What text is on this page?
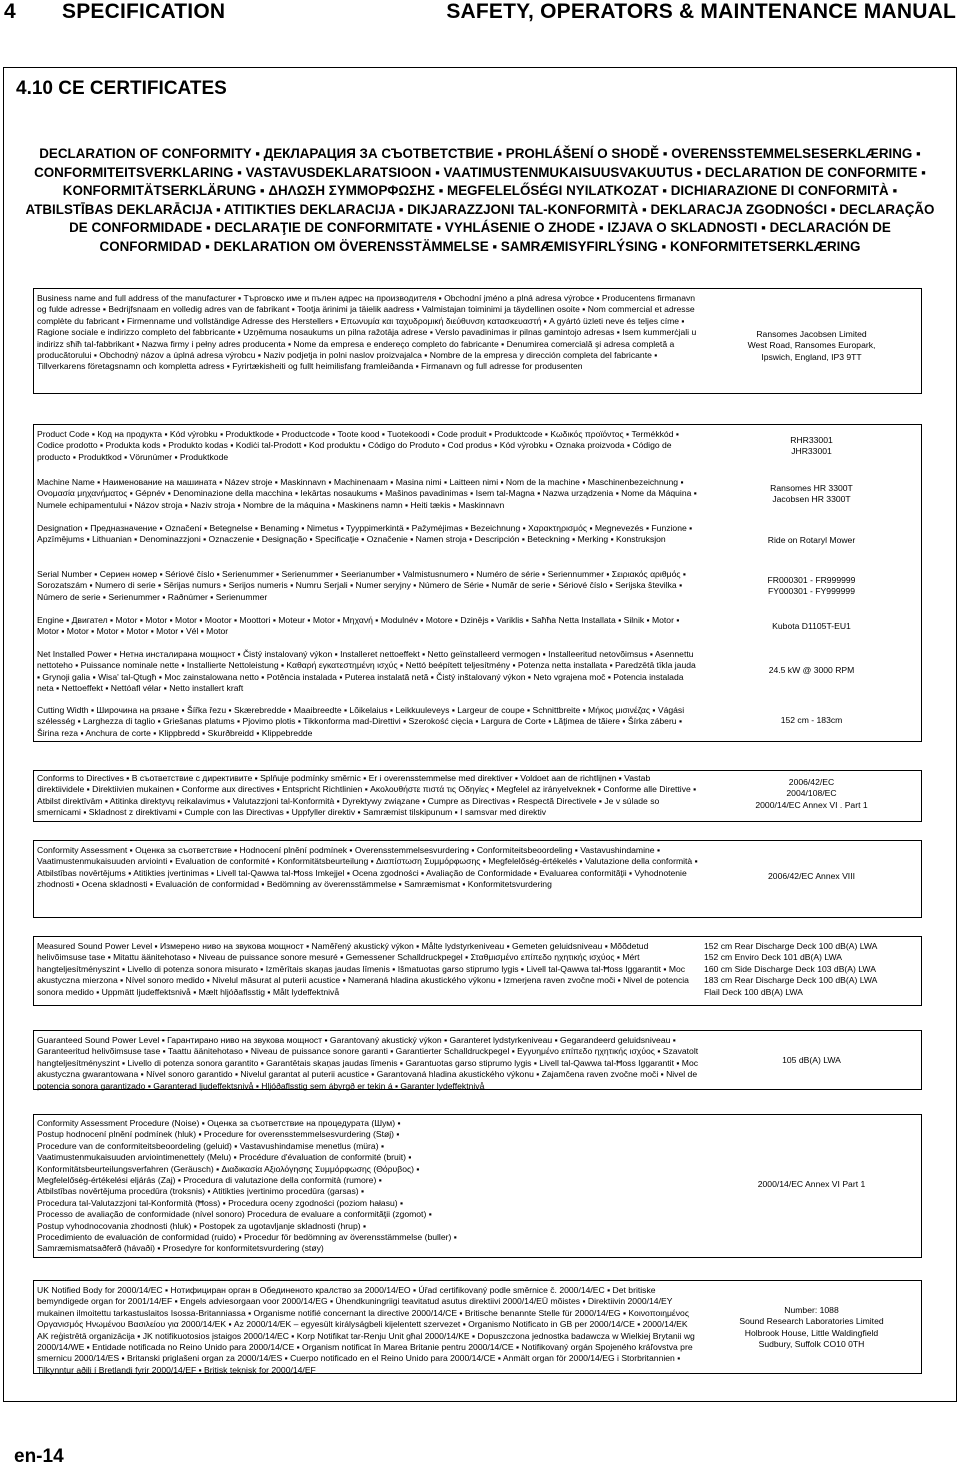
4 SPECIFICATION	SAFETY, OPERATORS & MAINTENANCE MANUAL
4.10 CE CERTIFICATES
DECLARATION OF CONFORMITY ▪ ДЕКЛАРАЦИЯ ЗА СЪОТВЕТСТВИЕ ▪ PROHLÁŠENÍ O SHODĚ ▪ OVERENSSTEMMELSESERKLÆRING ▪ CONFORMITEITSVERKLARING ▪ VASTAVUSDEKLARATSIOON ▪ VAATIMUSTENMUKAISUUSVAKUUTUS ▪ DECLARATION DE CONFORMITE ▪ KONFORMITÄTSERKLÄRUNG ▪ ΔΗΛΩΣΗ ΣΥΜΜΟΡΦΩΣΗΣ ▪ MEGFELELŐSÉGI NYILATKOZAT ▪ DICHIARAZIONE DI CONFORMITÀ ▪ ATBILSTĪBAS DEKLARĀCIJA ▪ ATITIKTIES DEKLARACIJA ▪ DIKJARAZZJONI TAL-KONFORMITÀ ▪ DEKLARACJA ZGODNOŚCI ▪ DECLARAÇÃO DE CONFORMIDADE ▪ DECLARAŢIE DE CONFORMITATE ▪ VYHLÁSENIE O ZHODE ▪ IZJAVA O SKLADNOSTI ▪ DECLARACIÓN DE CONFORMIDAD ▪ DEKLARATION OM ÖVERENSSTÄMMELSE ▪ SAMRÆMISYFIRLÝSING ▪ KONFORMITETSERKLÆRING
Business name and full address of the manufacturer ▪ Търговско име и пълен адрес на производителя ▪ Obchodní jméno a plná adresa výrobce ▪ Producentens firmanavn og fulde adresse ▪ Bedrijfsnaam en volledig adres van de fabrikant ▪ Tootja ärinimi ja täielik aadress ▪ Valmistajan toiminimi ja täydellinen osoite ▪ Nom commercial et adresse complète du fabricant ▪ Firmenname und vollständige Adresse des Herstellers ▪ Επωνυμία και ταχυδρομική διεύθυνση κατασκευαστή ▪ A gyártó üzleti neve és teljes címe ▪ Ragione sociale e indirizzo completo del fabbricante ▪ Uzņēmuma nosaukums un pilna ražotāja adrese ▪ Verslo pavadinimas ir pilnas gamintojo adresas ▪ Isem kummerċjali u indirizz sħiħ tal-fabbrikant ▪ Nazwa firmy i pełny adres producenta ▪ Nome da empresa e endereço completo do fabricante ▪ Denumirea comercială şi adresa completă a producătorului ▪ Obchodný názov a úplná adresa výrobcu ▪ Naziv podjetja in polni naslov proizvajalca ▪ Nombre de la empresa y dirección completa del fabricante ▪ Tillverkarens företagsnamn och kompletta adress ▪ Fyrirtækisheiti og fullt heimilisfang framleiðanda ▪ Firmanavn og full adresse for produsenten
Ransomes Jacobsen Limited
West Road, Ransomes Europark,
Ipswich, England, IP3 9TT
Product Code ▪ Код на продукта ▪ Kód výrobku ▪ Produktkode ▪ Productcode ▪ Toote kood ▪ Tuotekoodi ▪ Code produit ▪ Produktcode ▪ Κωδικός προϊόντος ▪ Termékkód ▪ Codice prodotto ▪ Produkta kods ▪ Produkto kodas ▪ Kodiċi tal-Prodott ▪ Kod produktu ▪ Código do Produto ▪ Cod produs ▪ Kód výrobku ▪ Oznaka proizvoda ▪ Código de producto ▪ Produktkod ▪ Vörunúmer ▪ Produktkode
RHR33001
JHR33001
Machine Name ▪ Наименование на машината ▪ Název stroje ▪ Maskinnavn ▪ Machinenaam ▪ Masina nimi ▪ Laitteen nimi ▪ Nom de la machine ▪ Maschinenbezeichnung ▪ Ονομασία μηχανήματος ▪ Gépnév ▪ Denominazione della macchina ▪ Iekārtas nosaukums ▪ Mašinos pavadinimas ▪ Isem tal-Magna ▪ Nazwa urządzenia ▪ Nome da Máquina ▪ Numele echipamentului ▪ Názov stroja ▪ Naziv stroja ▪ Nombre de la máquina ▪ Maskinens namn ▪ Heiti tækis ▪ Maskinnavn
Ransomes HR 3300T
Jacobsen HR 3300T
Designation ▪ Предназначение ▪ Označení ▪ Betegnelse ▪ Benaming ▪ Nimetus ▪ Tyyppimerkintä ▪ Pažymėjimas ▪ Bezeichnung ▪ Χαρακτηρισμός ▪ Megnevezés ▪ Funzione ▪ Apzīmējums ▪ Lithuanian ▪ Denominazzjoni ▪ Oznaczenie ▪ Designação ▪ Specificaţie ▪ Označenie ▪ Namen stroja ▪ Descripción ▪ Beteckning ▪ Merking ▪ Konstruksjon	Ride on Rotaryl Mower
Serial Number ▪ Сериен номер ▪ Sériové číslo ▪ Serienummer ▪ Serienummer ▪ Seerianumber ▪ Valmistusnumero ▪ Numéro de série ▪ Seriennummer ▪ Σειριακός αριθμός ▪ Sorozatszám ▪ Numero di serie ▪ Sērijas numurs ▪ Serijos numeris ▪ Numru Serjali ▪ Numer seryjny ▪ Número de Série ▪ Număr de serie ▪ Sériové číslo ▪ Serijska številka ▪ Número de serie ▪ Serienummer ▪ Raðnúmer ▪ Serienummer
FR000301 - FR999999
FY000301 - FY999999
Engine ▪ Двигател ▪ Motor ▪ Motor ▪ Motor ▪ Mootor ▪ Moottori ▪ Moteur ▪ Motor ▪ Μηχανή ▪ Modulnév ▪ Motore ▪ Dzinējs ▪ Variklis ▪ Saħħa Netta Installata ▪ Silnik ▪ Motor ▪ Motor ▪ Motor ▪ Motor ▪ Motor ▪ Motor ▪ Vél ▪ Motor
Kubota D1105T-EU1
Net Installed Power ▪ Нетна инсталирана мощност ▪ Čistý instalovaný výkon ▪ Installeret nettoeffekt ▪ Netto geïnstalleerd vermogen ▪ Installeeritud netovõimsus ▪ Asennettu nettoteho ▪ Puissance nominale nette ▪ Installierte Nettoleistung ▪ Καθαρή εγκατεστημένη ισχύς ▪ Nettó beépített teljesítmény ▪ Potenza netta installata ▪ Paredzētā tīkla jauda ▪ Grynoji galia ▪ Wisa' tal-Qtugħ ▪ Moc zainstalowana netto ▪ Potência instalada ▪ Puterea instalată netă ▪ Čistý inštalovaný výkon ▪ Neto vgrajena moč ▪ Potencia instalada neta ▪ Nettoeffekt ▪ Nettóafl vélar ▪ Netto installert kraft
24.5 kW @ 3000 RPM
Cutting Width ▪ Широчина на рязане ▪ Šířka řezu ▪ Skærebredde ▪ Maaibreedte ▪ Lõikelaius ▪ Leikkuuleveys ▪ Largeur de coupe ▪ Schnittbreite ▪ Μήκος μισινέζας ▪ Vágási szélesség ▪ Larghezza di taglio ▪ Griešanas platums ▪ Pjovimo plotis ▪ Tikkonforma mad-Direttivi ▪ Szerokość cięcia ▪ Largura de Corte ▪ Lăţimea de tăiere ▪ Šírka záberu ▪ Širina reza ▪ Anchura de corte ▪ Klippbredd ▪ Skurðbreidd ▪ Klippebredde
152 cm - 183cm
Conforms to Directives ▪ В съответствие с директивите ▪ Splňuje podmínky směrnic ▪ Er i overensstemmelse med direktiver ▪ Voldoet aan de richtlijnen ▪ Vastab direktiividele ▪ Direktiivien mukainen ▪ Conforme aux directives ▪ Entspricht Richtlinien ▪ Ακολουθήστε πιστά τις Οδηγίες ▪ Megfelel az irányelveknek ▪ Conforme alle Direttive ▪ Atbilst direktīvām ▪ Atitinka direktyvų reikalavimus ▪ Valutazzjoni tal-Konformità ▪ Dyrektywy związane ▪ Cumpre as Directivas ▪ Respectă Directivele ▪ Je v súlade so smernicami ▪ Skladnost z direktivami ▪ Cumple con las Directivas ▪ Uppfyller direktiv ▪ Samræmist tilskipunum ▪ I samsvar med direktiv
2006/42/EC
2004/108/EC
2000/14/EC Annex VI . Part 1
Conformity Assessment ▪ Оценка за съответствие ▪ Hodnocení plnění podmínek ▪ Overensstemmelsesvurdering ▪ Conformiteitsbeoordeling ▪ Vastavushindamine ▪ Vaatimustenmukaisuuden arviointi ▪ Evaluation de conformité ▪ Konformitätsbeurteilung ▪ Διαπίστωση Συμμόρφωσης ▪ Megfelelőség-értékelés ▪ Valutazione della conformità ▪ Atbilstības novērtējums ▪ Atitikties įvertinimas ▪ Livell tal-Qawwa tal-Ħoss Imkejjel ▪ Ocena zgodności ▪ Avaliação de Conformidade ▪ Evaluarea conformităţii ▪ Vyhodnotenie zhodnosti ▪ Ocena skladnosti ▪ Evaluación de conformidad ▪ Bedömning av överensstämmelse ▪ Samræmismat ▪ Konformitetsvurdering
2006/42/EC Annex VIII
Measured Sound Power Level ▪ Измерено ниво на звукова мощност ▪ Naměřený akustický výkon ▪ Målte lydstyrkeniveau ▪ Gemeten geluidsniveau ▪ Mõõdetud helivõimsuse tase ▪ Mitattu äänitehotaso ▪ Niveau de puissance sonore mesuré ▪ Gemessener Schalldruckpegel ▪ Σταθμισμένο επίπεδο ηχητικής ισχύος ▪ Mért hangteljesítményszint ▪ Livello di potenza sonora misurato ▪ Izmērītais skaņas jaudas līmenis ▪ Išmatuotas garso stiprumo lygis ▪ Livell tal-Qawwa tal-Ħoss Iggarantit ▪ Moc akustyczna mierzona ▪ Nível sonoro medido ▪ Nivelul măsurat al puterii acustice ▪ Nameraná hladina akustického výkonu ▪ Izmerjena raven zvočne moči ▪ Nivel de potencia sonora medido ▪ Uppmätt ljudeffektsnivå ▪ Mælt hljóðaflsstig ▪ Målt lydeffektnivå
152 cm Rear Discharge Deck 100 dB(A) LWA
152 cm Enviro Deck 101 dB(A) LWA
160 cm Side Discharge Deck 103 dB(A) LWA
183 cm Rear Discharge Deck 100 dB(A) LWA
Flail Deck 100 dB(A) LWA
Guaranteed Sound Power Level ▪ Гарантирано ниво на звукова мощност ▪ Garantovaný akustický výkon ▪ Garanteret lydstyrkeniveau ▪ Gegarandeerd geluidsniveau ▪ Garanteeritud helivõimsuse tase ▪ Taattu äänitehotaso ▪ Niveau de puissance sonore garanti ▪ Garantierter Schalldruckpegel ▪ Εγγυημένο επίπεδο ηχητικής ισχύος ▪ Szavatolt hangteljesítményszint ▪ Livello di potenza sonora garantito ▪ Garantētais skaņas jaudas līmenis ▪ Garantuotas garso stiprumo lygis ▪ Livell tal-Qawwa tal-Ħoss Iggarantit ▪ Moc akustyczna gwarantowana ▪ Nível sonoro garantido ▪ Nivelul garantat al puterii acustice ▪ Garantovaná hladina akustického výkonu ▪ Zajamčena raven zvočne moči ▪ Nivel de potencia sonora garantizado ▪ Garanterad ljudeffektsnivå ▪ Hljóðaflsstig sem ábyrgð er tekin á ▪ Garanter lydeffektnivå
105 dB(A) LWA
Conformity Assessment Procedure (Noise) ▪ Оценка за съответствие на процедурата (Шум) ▪
Postup hodnocení plnění podmínek (hluk) ▪ Procedure for overensstemmelsesvurdering (Støj) ▪
Procedure van de conformiteitsbeoordeling (geluid) ▪ Vastavushindamise menetlus (müra) ▪
Vaatimustenmukaisuuden arviointimenettely (Melu) ▪ Procédure d'évaluation de conformité (bruit) ▪
Konformitätsbeurteilungsverfahren (Geräusch) ▪ Διαδικασία Αξιολόγησης Συμμόρφωσης (Θόρυβος) ▪
Megfelelőség-értékelési eljárás (Zaj) ▪ Procedura di valutazione della conformità (rumore) ▪
Atbilstības novērtējuma procedūra (troksnis) ▪ Atitikties įvertinimo procedūra (garsas) ▪
Procedura tal-Valutazzjoni tal-Konformità (Ħoss) ▪ Procedura oceny zgodności (poziom hałasu) ▪
Processo de avaliação de conformidade (nível sonoro) Procedura de evaluare a conformităţii (zgomot) ▪
Postup vyhodnocovania zhodnosti (hluk) ▪ Postopek za ugotavljanje skladnosti (hrup) ▪
Procedimiento de evaluación de conformidad (ruido) ▪ Procedur för bedömning av överensstämmelse (buller) ▪
Samræmismatsaðferð (hávaði) ▪ Prosedyre for konformitetsvurdering (støy)
2000/14/EC Annex VI Part 1
UK Notified Body for 2000/14/EC ▪ Нотифициран орган в Обединеното кралство за 2000/14/ЕО ▪ Úřad certifikovaný podle směrnice č. 2000/14/EC ▪ Det britiske bemyndigede organ for 2001/14/EF ▪ Engels adviesorgaan voor 2000/14/EG ▪ Ühendkuningriigi teavitatud asutus direktiivi 2000/14/EÜ mõistes ▪ Direktiivin 2000/14/EY mukainen ilmoitettu tarkastuslaitos Isossa-Britanniassa ▪ Organisme notifié concernant la directive 2000/14/CE ▪ Britische benannte Stelle für 2000/14/EG ▪ Κοινοποιημένος Οργανισμός Ηνωμένου Βασιλείου για 2000/14/ΕΚ ▪ Az 2000/14/EK – egyesült királyságbeli kijelentett szervezet ▪ Organismo Notificato in GB per 2000/14/CE ▪ 2000/14/EK AK reģistrētā organizācija ▪ JK notifikuotosios įstaigos 2000/14/EC ▪ Korp Notifikat tar-Renju Unit għal 2000/14/KE ▪ Dopuszczona jednostka badawcza w Wielkiej Brytanii wg 2000/14/WE ▪ Entidade notificada no Reino Unido para 2000/14/CE ▪ Organism notificat în Marea Britanie pentru 2000/14/CE ▪ Notifikovaný orgán Spojeného kráľovstva pre smernicu 2000/14/ES ▪ Britanski priglašeni organ za 2000/14/ES ▪ Cuerpo notificado en el Reino Unido para 2000/14/CE ▪ Anmält organ för 2000/14/EG i Storbritannien ▪ Tilkynntur aðili í Bretlandi fyrir 2000/14/EF ▪ Britisk teknisk for 2000/14/EF
Number: 1088
Sound Research Laboratories Limited
Holbrook House, Little Waldingfield
Sudbury, Suffolk CO10 0TH
en-14
